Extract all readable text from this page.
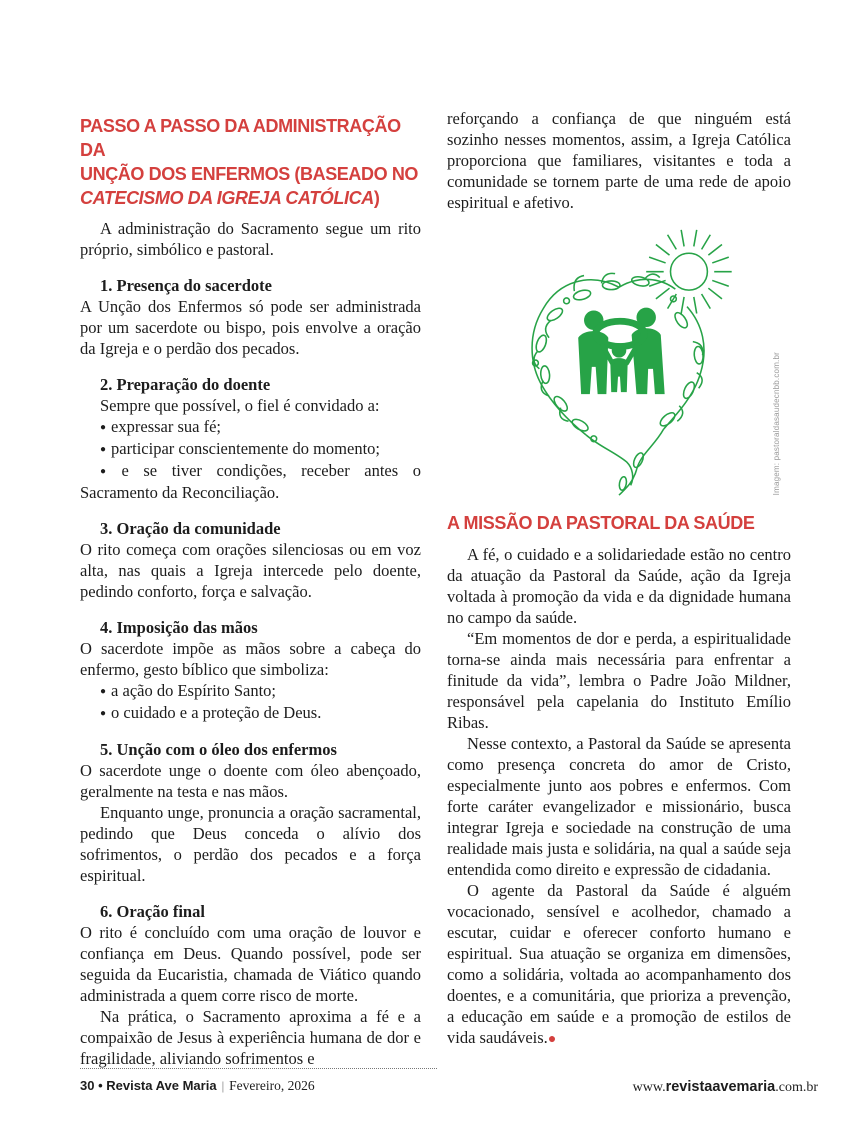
PASSO A PASSO DA ADMINISTRAÇÃO DA
UNÇÃO DOS ENFERMOS (BASEADO NO
CATECISMO DA IGREJA CATÓLICA)

A administração do Sacramento segue um rito próprio, simbólico e pastoral.

1. Presença do sacerdote

A Unção dos Enfermos só pode ser administrada por um sacerdote ou bispo, pois envolve a oração da Igreja e o perdão dos pecados.

2. Preparação do doente

Sempre que possível, o fiel é convidado a:

● expressar sua fé;

● participar conscientemente do momento;

● e se tiver condições, receber antes o Sacramento da Reconciliação.

3. Oração da comunidade

O rito começa com orações silenciosas ou em voz alta, nas quais a Igreja intercede pelo doente, pedindo conforto, força e salvação.

4. Imposição das mãos

O sacerdote impõe as mãos sobre a cabeça do enfermo, gesto bíblico que simboliza:

● a ação do Espírito Santo;

● o cuidado e a proteção de Deus.

5. Unção com o óleo dos enfermos

O sacerdote unge o doente com óleo abençoado, geralmente na testa e nas mãos.

Enquanto unge, pronuncia a oração sacramental, pedindo que Deus conceda o alívio dos sofrimentos, o perdão dos pecados e a força espiritual.

6. Oração final

O rito é concluído com uma oração de louvor e confiança em Deus. Quando possível, pode ser seguida da Eucaristia, chamada de Viático quando administrada a quem corre risco de morte.

Na prática, o Sacramento aproxima a fé e a compaixão de Jesus à experiência humana de dor e fragilidade, aliviando sofrimentos e

reforçando a confiança de que ninguém está sozinho nesses momentos, assim, a Igreja Católica proporciona que familiares, visitantes e toda a comunidade se tornem parte de uma rede de apoio espiritual e afetivo.

Imagem: pastoraldasaudecnbb.com.br
A MISSÃO DA PASTORAL DA SAÚDE

A fé, o cuidado e a solidariedade estão no centro da atuação da Pastoral da Saúde, ação da Igreja voltada à promoção da vida e da dignidade humana no campo da saúde.

“Em momentos de dor e perda, a espiritualidade torna-se ainda mais necessária para enfrentar a finitude da vida”, lembra o Padre João Mildner, responsável pela capelania do Instituto Emílio Ribas.

Nesse contexto, a Pastoral da Saúde se apresenta como presença concreta do amor de Cristo, especialmente junto aos pobres e enfermos. Com forte caráter evangelizador e missionário, busca integrar Igreja e sociedade na construção de uma realidade mais justa e solidária, na qual a saúde seja entendida como direito e expressão de cidadania.

O agente da Pastoral da Saúde é alguém vocacionado, sensível e acolhedor, chamado a escutar, cuidar e oferecer conforto humano e espiritual. Sua atuação se organiza em dimensões, como a solidária, voltada ao acompanhamento dos doentes, e a comunitária, que prioriza a prevenção, a educação em saúde e a promoção de estilos de vida saudáveis.●

30 • Revista Ave Maria | Fevereiro, 2026	www.revistaavemaria.com.br
